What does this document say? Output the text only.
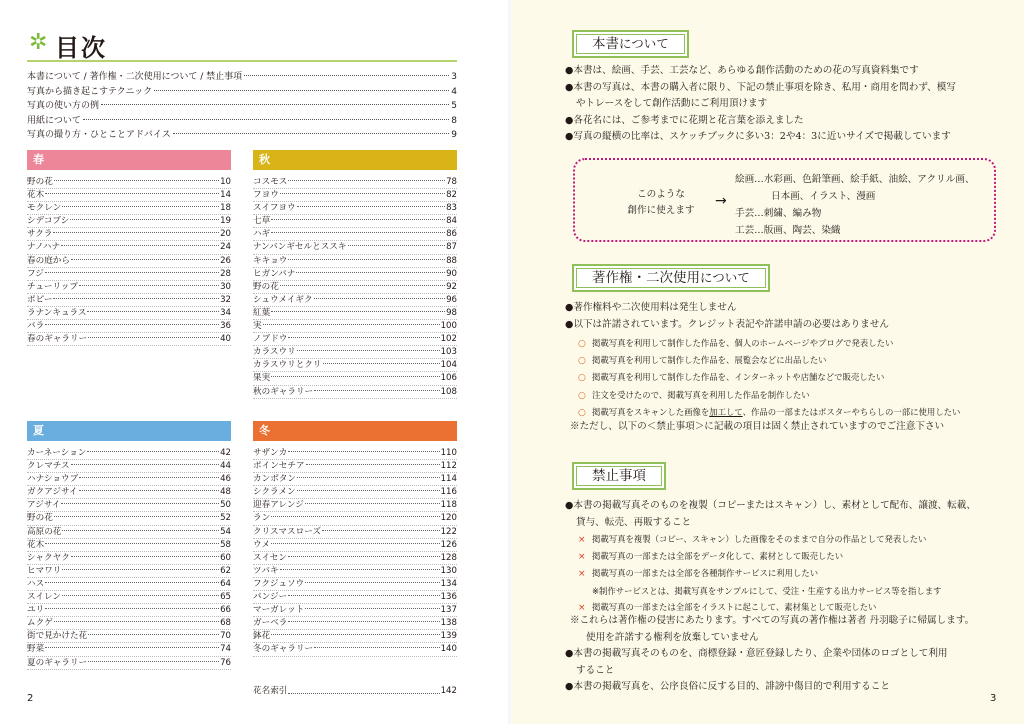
✲ 目次
本書について / 著作権・二次使用について / 禁止事項	3
写真から描き起こすテクニック	4
写真の使い方の例	5
用紙について	8
写真の撮り方・ひとことアドバイス	9
春
野の花	10
花木	14
モクレン	18
シデコブシ	19
サクラ	20
ナノハナ	24
春の庭から	26
フジ	28
チューリップ	30
ポピー	32
ラナンキュラス	34
バラ	36
春のギャラリー	40
秋
コスモス	78
フヨウ	82
スイフヨウ	83
七草	84
ハギ	86
ナンバンギセルとススキ	87
キキョウ	88
ヒガンバナ	90
野の花	92
シュウメイギク	96
紅葉	98
実	100
ノブドウ	102
カラスウリ	103
カラスウリとクリ	104
果実	106
秋のギャラリー	108
夏
カーネーション	42
クレマチス	44
ハナショウブ	46
ガクアジサイ	48
アジサイ	50
野の花	52
高原の花	54
花木	58
シャクヤク	60
ヒマワリ	62
ハス	64
スイレン	65
ユリ	66
ムクゲ	68
街で見かけた花	70
野菜	74
夏のギャラリー	76
冬
サザンカ	110
ポインセチア	112
カンボタン	114
シクラメン	116
迎春アレンジ	118
ラン	120
クリスマスローズ	122
ウメ	126
スイセン	128
ツバキ	130
フクジュソウ	134
パンジー	136
マーガレット	137
ガーベラ	138
鉢花	139
冬のギャラリー	140
花名索引	142
2
本書について
●本書は、絵画、手芸、工芸など、あらゆる創作活動のための花の写真資料集です
●本書の写真は、本書の購入者に限り、下記の禁止事項を除き、私用・商用を問わず、模写
やトレースをして創作活動にご利用頂けます
●各花名には、ご参考までに花期と花言葉を添えました
●写真の縦横の比率は、スケッチブックに多い3：2や4：3に近いサイズで掲載しています
このような
創作に使えます
→
絵画…水彩画、色鉛筆画、絵手紙、油絵、アクリル画、
日本画、イラスト、漫画
手芸…刺繍、編み物
工芸…版画、陶芸、染織
著作権・二次使用について
●著作権料や二次使用料は発生しません
●以下は許諾されています。クレジット表記や許諾申請の必要はありません
○ 掲載写真を利用して制作した作品を、個人のホームページやブログで発表したい
○ 掲載写真を利用して制作した作品を、展覧会などに出品したい
○ 掲載写真を利用して制作した作品を、インターネットや店舗などで販売したい
○ 注文を受けたので、掲載写真を利用した作品を制作したい
○ 掲載写真をスキャンした画像を加工して、作品の一部またはポスターやちらしの一部に使用したい
※ただし、以下の＜禁止事項＞に記載の項目は固く禁止されていますのでご注意下さい
禁止事項
●本書の掲載写真そのものを複製（コピーまたはスキャン）し、素材として配布、譲渡、転載、
貸与、転売、再販すること
× 掲載写真を複製（コピー、スキャン）した画像をそのままで自分の作品として発表したい
× 掲載写真の一部または全部をデータ化して、素材として販売したい
× 掲載写真の一部または全部を各種制作サービスに利用したい
※制作サービスとは、掲載写真をサンプルにして、受注・生産する出力サービス等を指します
× 掲載写真の一部または全部をイラストに起こして、素材集として販売したい
※これらは著作権の侵害にあたります。すべての写真の著作権は著者 丹羽聡子に帰属します。
使用を許諾する権利を放棄していません
●本書の掲載写真そのものを、商標登録・意匠登録したり、企業や団体のロゴとして利用
すること
●本書の掲載写真を、公序良俗に反する目的、誹謗中傷目的で利用すること
3
